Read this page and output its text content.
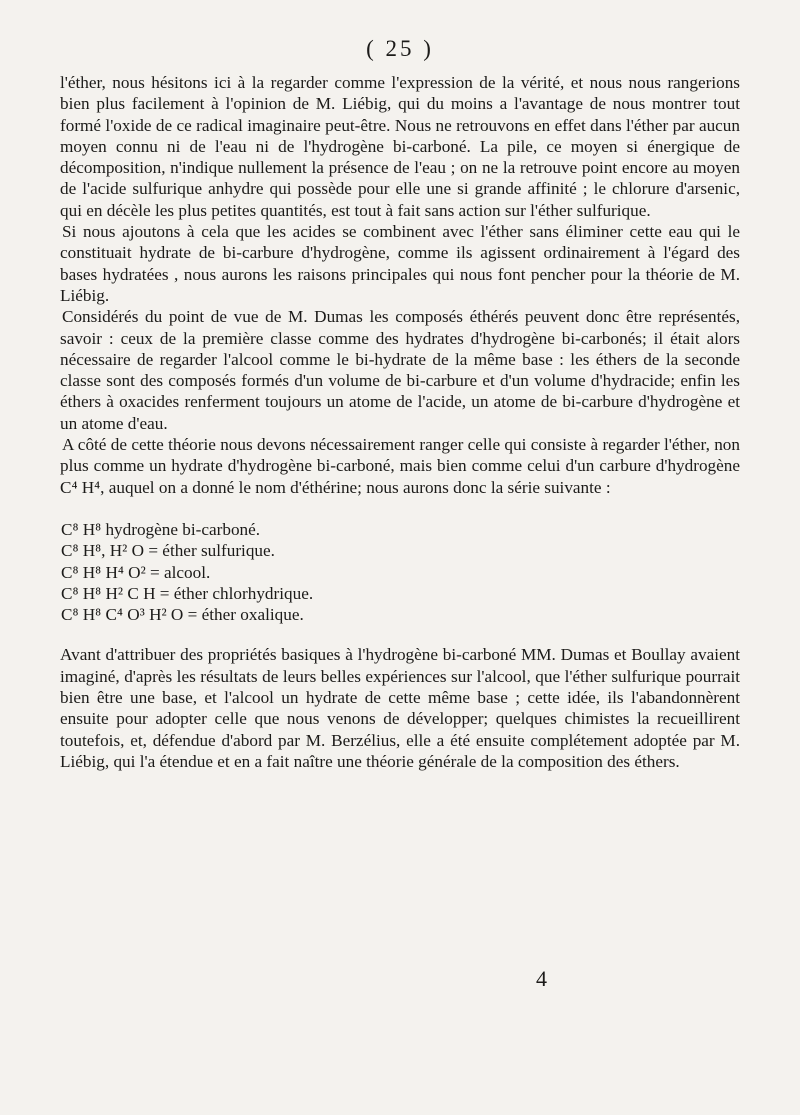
( 25 )

l'éther, nous hésitons ici à la regarder comme l'expression de la vérité, et nous nous rangerions bien plus facilement à l'opinion de M. Liébig, qui du moins a l'avantage de nous montrer tout formé l'oxide de ce radical imaginaire peut-être. Nous ne retrouvons en effet dans l'éther par aucun moyen connu ni de l'eau ni de l'hydrogène bi-carboné. La pile, ce moyen si énergique de décomposition, n'indique nullement la présence de l'eau ; on ne la retrouve point encore au moyen de l'acide sulfurique anhydre qui possède pour elle une si grande affinité ; le chlorure d'arsenic, qui en décèle les plus petites quantités, est tout à fait sans action sur l'éther sulfurique.

Si nous ajoutons à cela que les acides se combinent avec l'éther sans éliminer cette eau qui le constituait hydrate de bi-carbure d'hydrogène, comme ils agissent ordinairement à l'égard des bases hydratées , nous aurons les raisons principales qui nous font pencher pour la théorie de M. Liébig.

Considérés du point de vue de M. Dumas les composés éthérés peuvent donc être représentés, savoir : ceux de la première classe comme des hydrates d'hydrogène bi-carbonés; il était alors nécessaire de regarder l'alcool comme le bi-hydrate de la même base : les éthers de la seconde classe sont des composés formés d'un volume de bi-carbure et d'un volume d'hydracide; enfin les éthers à oxacides renferment toujours un atome de l'acide, un atome de bi-carbure d'hydrogène et un atome d'eau.

A côté de cette théorie nous devons nécessairement ranger celle qui consiste à regarder l'éther, non plus comme un hydrate d'hydrogène bi-carboné, mais bien comme celui d'un carbure d'hydrogène C⁴ H⁴, auquel on a donné le nom d'éthérine; nous aurons donc la série suivante :

C⁸ H⁸ hydrogène bi-carboné.

C⁸ H⁸, H² O = éther sulfurique.

C⁸ H⁸ H⁴ O² = alcool.

C⁸ H⁸ H² C H = éther chlorhydrique.

C⁸ H⁸ C⁴ O³ H² O = éther oxalique.

Avant d'attribuer des propriétés basiques à l'hydrogène bi-carboné MM. Dumas et Boullay avaient imaginé, d'après les résultats de leurs belles expériences sur l'alcool, que l'éther sulfurique pourrait bien être une base, et l'alcool un hydrate de cette même base ; cette idée, ils l'abandonnèrent ensuite pour adopter celle que nous venons de développer; quelques chimistes la recueillirent toutefois, et, défendue d'abord par M. Berzélius, elle a été ensuite complétement adoptée par M. Liébig, qui l'a étendue et en a fait naître une théorie générale de la composition des éthers.

4
